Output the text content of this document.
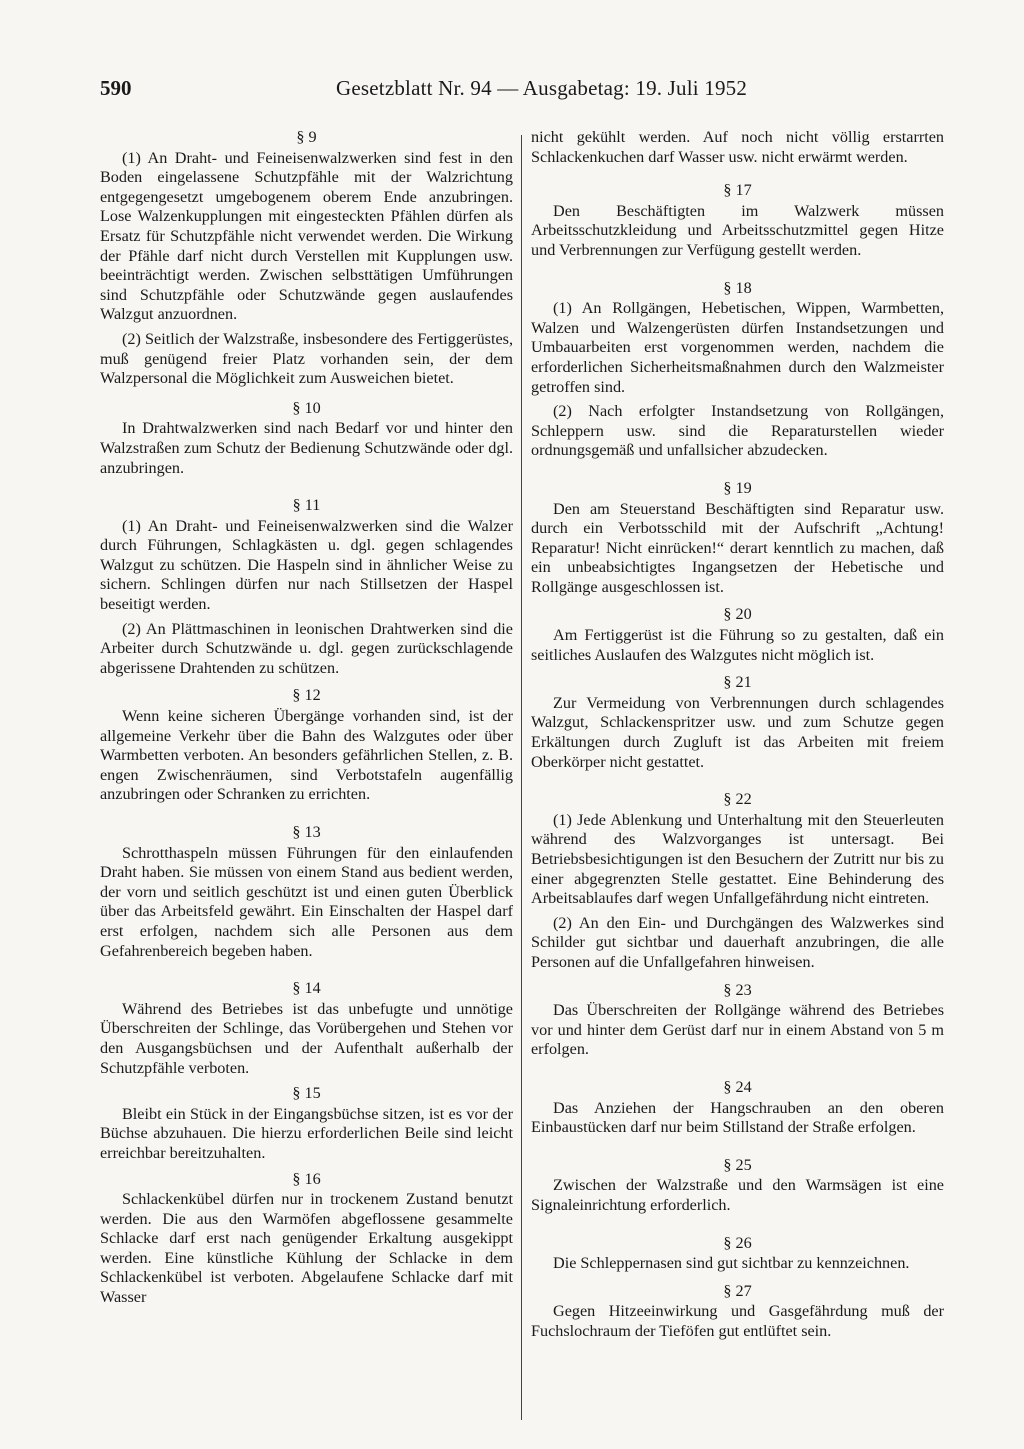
590	Gesetzblatt Nr. 94 — Ausgabetag: 19. Juli 1952
§ 9

(1) An Draht- und Feineisenwalzwerken sind fest in den Boden eingelassene Schutzpfähle mit der Walzrichtung entgegengesetzt umgebogenem oberem Ende anzubringen. Lose Walzenkupplungen mit eingesteckten Pfählen dürfen als Ersatz für Schutzpfähle nicht verwendet werden. Die Wirkung der Pfähle darf nicht durch Verstellen mit Kupplungen usw. beeinträchtigt werden. Zwischen selbsttätigen Umführungen sind Schutzpfähle oder Schutzwände gegen auslaufendes Walzgut anzuordnen.

(2) Seitlich der Walzstraße, insbesondere des Fertiggerüstes, muß genügend freier Platz vorhanden sein, der dem Walzpersonal die Möglichkeit zum Ausweichen bietet.

§ 10

In Drahtwalzwerken sind nach Bedarf vor und hinter den Walzstraßen zum Schutz der Bedienung Schutzwände oder dgl. anzubringen.

§ 11

(1) An Draht- und Feineisenwalzwerken sind die Walzer durch Führungen, Schlagkästen u. dgl. gegen schlagendes Walzgut zu schützen. Die Haspeln sind in ähnlicher Weise zu sichern. Schlingen dürfen nur nach Stillsetzen der Haspel beseitigt werden.

(2) An Plättmaschinen in leonischen Drahtwerken sind die Arbeiter durch Schutzwände u. dgl. gegen zurückschlagende abgerissene Drahtenden zu schützen.

§ 12

Wenn keine sicheren Übergänge vorhanden sind, ist der allgemeine Verkehr über die Bahn des Walzgutes oder über Warmbetten verboten. An besonders gefährlichen Stellen, z. B. engen Zwischenräumen, sind Verbotstafeln augenfällig anzubringen oder Schranken zu errichten.

§ 13

Schrotthaspeln müssen Führungen für den einlaufenden Draht haben. Sie müssen von einem Stand aus bedient werden, der vorn und seitlich geschützt ist und einen guten Überblick über das Arbeitsfeld gewährt. Ein Einschalten der Haspel darf erst erfolgen, nachdem sich alle Personen aus dem Gefahrenbereich begeben haben.

§ 14

Während des Betriebes ist das unbefugte und unnötige Überschreiten der Schlinge, das Vorübergehen und Stehen vor den Ausgangsbüchsen und der Aufenthalt außerhalb der Schutzpfähle verboten.

§ 15

Bleibt ein Stück in der Eingangsbüchse sitzen, ist es vor der Büchse abzuhauen. Die hierzu erforderlichen Beile sind leicht erreichbar bereitzuhalten.

§ 16

Schlackenkübel dürfen nur in trockenem Zustand benutzt werden. Die aus den Warmöfen abgeflossene gesammelte Schlacke darf erst nach genügender Erkaltung ausgekippt werden. Eine künstliche Kühlung der Schlacke in dem Schlackenkübel ist verboten. Abgelaufene Schlacke darf mit Wasser

nicht gekühlt werden. Auf noch nicht völlig erstarrten Schlackenkuchen darf Wasser usw. nicht erwärmt werden.

§ 17

Den Beschäftigten im Walzwerk müssen Arbeitsschutzkleidung und Arbeitsschutzmittel gegen Hitze und Verbrennungen zur Verfügung gestellt werden.

§ 18

(1) An Rollgängen, Hebetischen, Wippen, Warmbetten, Walzen und Walzengerüsten dürfen Instandsetzungen und Umbauarbeiten erst vorgenommen werden, nachdem die erforderlichen Sicherheitsmaßnahmen durch den Walzmeister getroffen sind.

(2) Nach erfolgter Instandsetzung von Rollgängen, Schleppern usw. sind die Reparaturstellen wieder ordnungsgemäß und unfallsicher abzudecken.

§ 19

Den am Steuerstand Beschäftigten sind Reparatur usw. durch ein Verbotsschild mit der Aufschrift „Achtung! Reparatur! Nicht einrücken!“ derart kenntlich zu machen, daß ein unbeabsichtigtes Ingangsetzen der Hebetische und Rollgänge ausgeschlossen ist.

§ 20

Am Fertiggerüst ist die Führung so zu gestalten, daß ein seitliches Auslaufen des Walzgutes nicht möglich ist.

§ 21

Zur Vermeidung von Verbrennungen durch schlagendes Walzgut, Schlackenspritzer usw. und zum Schutze gegen Erkältungen durch Zugluft ist das Arbeiten mit freiem Oberkörper nicht gestattet.

§ 22

(1) Jede Ablenkung und Unterhaltung mit den Steuerleuten während des Walzvorganges ist untersagt. Bei Betriebsbesichtigungen ist den Besuchern der Zutritt nur bis zu einer abgegrenzten Stelle gestattet. Eine Behinderung des Arbeitsablaufes darf wegen Unfallgefährdung nicht eintreten.

(2) An den Ein- und Durchgängen des Walzwerkes sind Schilder gut sichtbar und dauerhaft anzubringen, die alle Personen auf die Unfallgefahren hinweisen.

§ 23

Das Überschreiten der Rollgänge während des Betriebes vor und hinter dem Gerüst darf nur in einem Abstand von 5 m erfolgen.

§ 24

Das Anziehen der Hangschrauben an den oberen Einbaustücken darf nur beim Stillstand der Straße erfolgen.

§ 25

Zwischen der Walzstraße und den Warmsägen ist eine Signaleinrichtung erforderlich.

§ 26

Die Schleppernasen sind gut sichtbar zu kennzeichnen.

§ 27

Gegen Hitzeeinwirkung und Gasgefährdung muß der Fuchslochraum der Tieföfen gut entlüftet sein.
